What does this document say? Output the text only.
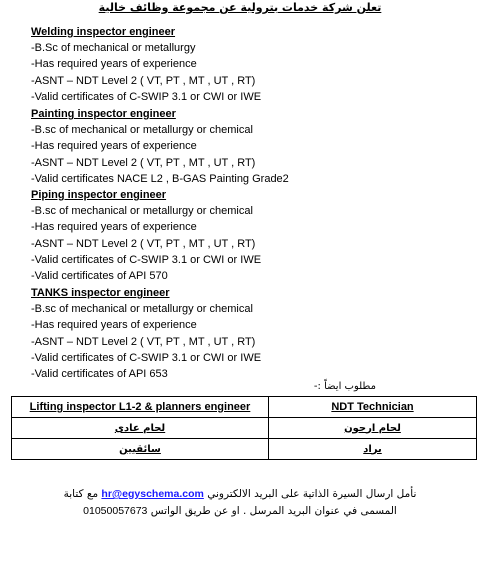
تعلن شركة خدمات بترولية عن مجموعة وظائف خالية
Welding inspector engineer
-B.Sc of mechanical or metallurgy
-Has required years of experience
-ASNT – NDT Level 2 ( VT, PT , MT , UT , RT)
-Valid certificates of C-SWIP 3.1 or CWI or IWE
Painting inspector engineer
-B.sc of mechanical or metallurgy or chemical
-Has required years of experience
-ASNT – NDT Level 2 ( VT, PT , MT , UT , RT)
-Valid certificates NACE L2 , B-GAS Painting Grade2
Piping inspector engineer
-B.sc of mechanical or metallurgy or chemical
-Has required years of experience
-ASNT – NDT Level 2 ( VT, PT , MT , UT , RT)
-Valid certificates of C-SWIP 3.1 or CWI or IWE
-Valid certificates of API 570
TANKS inspector engineer
-B.sc of mechanical or metallurgy or chemical
-Has required years of experience
-ASNT – NDT Level 2 ( VT, PT , MT , UT , RT)
-Valid certificates of C-SWIP 3.1 or CWI or IWE
-Valid certificates of API 653
مطلوب ايضاً :-
Lifting inspector L1-2 & planners engineer	NDT Technician
لحام عادى	لحام ارجون
سائقيين	براد
نأمل ارسال السيرة الذاتية على البريد الالكتروني hr@egyschema.com مع كتابة
المسمى في عنوان البريد المرسل . او عن طريق الواتس 01050057673
